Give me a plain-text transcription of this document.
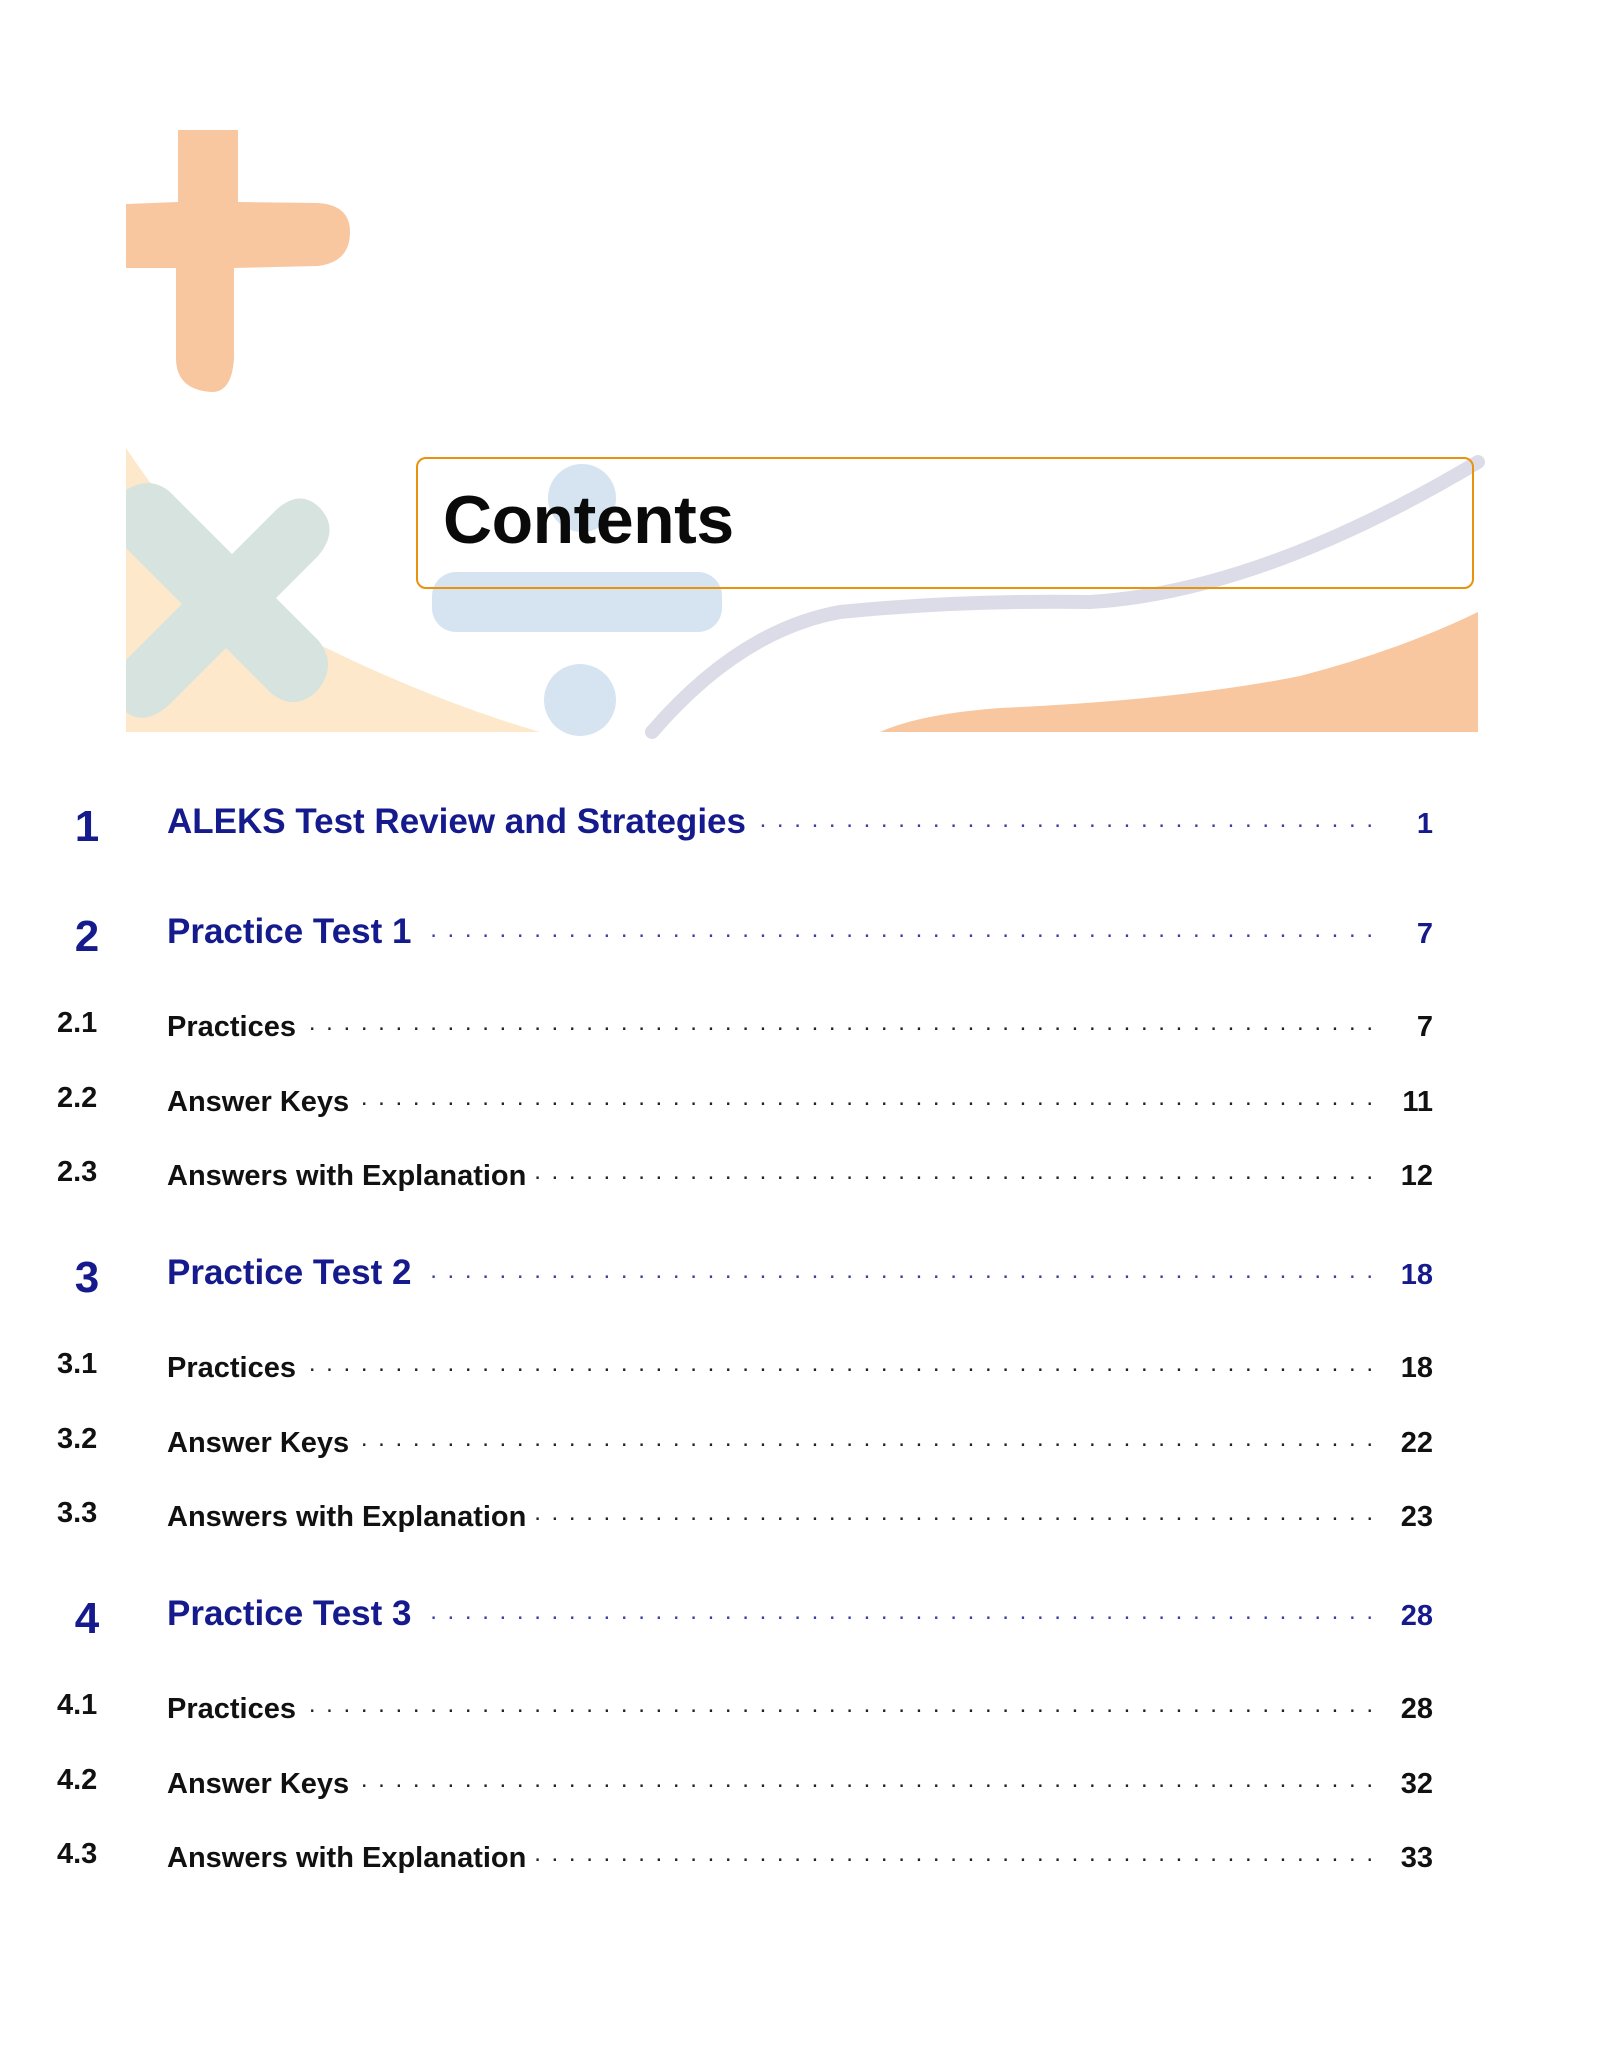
Contents
1 ALEKS Test Review and Strategies . . .	1
2 Practice Test 1 . . .	7
2.1 Practices . . .	7
2.2 Answer Keys . . .	11
2.3 Answers with Explanation . . .	12
3 Practice Test 2 . . .	18
3.1 Practices . . .	18
3.2 Answer Keys . . .	22
3.3 Answers with Explanation . . .	23
4 Practice Test 3 . . .	28
4.1 Practices . . .	28
4.2 Answer Keys . . .	32
4.3 Answers with Explanation . . .	33
